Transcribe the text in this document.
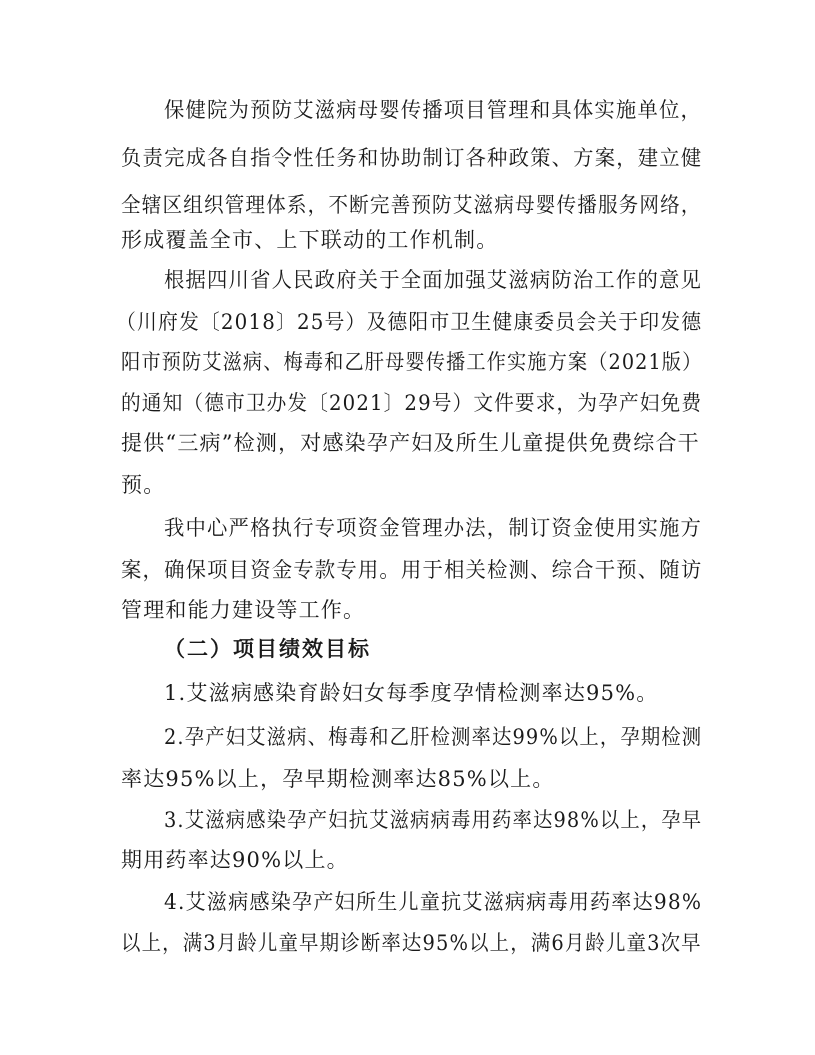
保健院为预防艾滋病母婴传播项目管理和具体实施单位，
负责完成各自指令性任务和协助制订各种政策、方案，建立健
全辖区组织管理体系，不断完善预防艾滋病母婴传播服务网络，
形成覆盖全市、上下联动的工作机制。
根据四川省人民政府关于全面加强艾滋病防治工作的意见
（川府发〔2018〕25号）及德阳市卫生健康委员会关于印发德
阳市预防艾滋病、梅毒和乙肝母婴传播工作实施方案（2021版）
的通知（德市卫办发〔2021〕29号）文件要求，为孕产妇免费
提供“三病”检测，对感染孕产妇及所生儿童提供免费综合干
预。
我中心严格执行专项资金管理办法，制订资金使用实施方
案，确保项目资金专款专用。用于相关检测、综合干预、随访
管理和能力建设等工作。
（二）项目绩效目标
1.艾滋病感染育龄妇女每季度孕情检测率达95%。
2.孕产妇艾滋病、梅毒和乙肝检测率达99%以上，孕期检测
率达95%以上，孕早期检测率达85%以上。
3.艾滋病感染孕产妇抗艾滋病病毒用药率达98%以上，孕早
期用药率达90%以上。
4.艾滋病感染孕产妇所生儿童抗艾滋病病毒用药率达98%
以上，满3月龄儿童早期诊断率达95%以上，满6月龄儿童3次早
